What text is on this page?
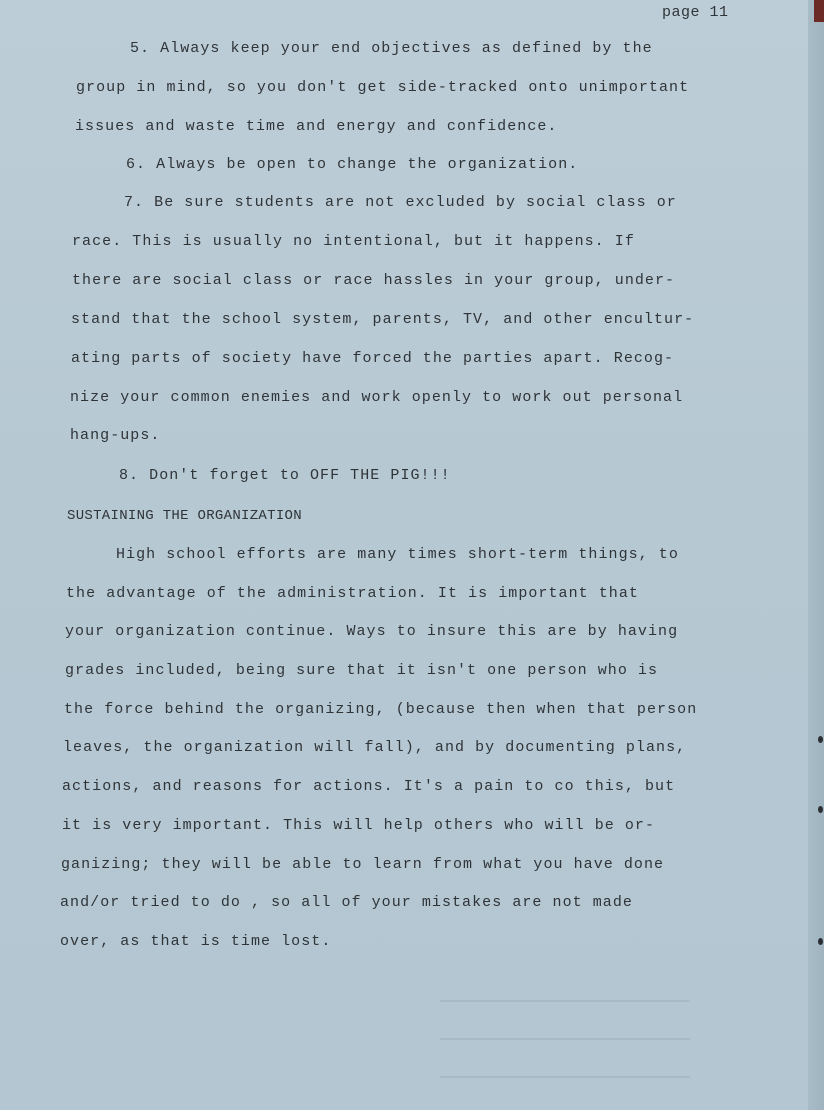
page 11
5. Always keep your end objectives as defined by the
group in mind, so you don't get side-tracked onto unimportant
issues and waste time and energy and confidence.
6. Always be open to change the organization.
7. Be sure students are not excluded by social class or
race. This is usually no intentional, but it happens. If
there are social class or race hassles in your group, under-
stand that the school system, parents, TV, and other encultur-
ating parts of society have forced the parties apart. Recog-
nize your common enemies and work openly to work out personal
hang-ups.
8. Don't forget to OFF THE PIG!!!
SUSTAINING THE ORGANIZATION
High school efforts are many times short-term things, to
the advantage of the administration. It is important that
your organization continue. Ways to insure this are by having
grades included, being sure that it isn't one person who is
the force behind the organizing, (because then when that person
leaves, the organization will fall), and by documenting plans,
actions, and reasons for actions. It's a pain to co this, but
it is very important. This will help others who will be or-
ganizing; they will be able to learn from what you have done
and/or tried to do , so all of your mistakes are not made
over, as that is time lost.
